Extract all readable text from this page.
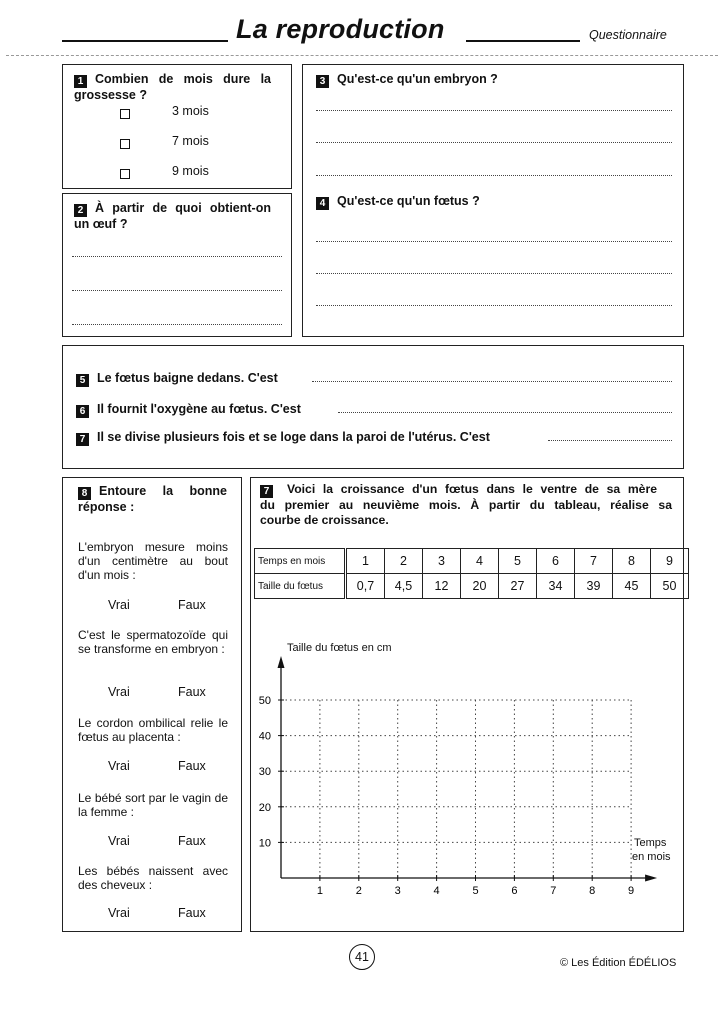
La reproduction	Questionnaire
1 Combien de mois dure la
grossesse ?
3 mois
7 mois
9 mois
2 À partir de quoi obtient-on
un œuf ?
3 Qu'est-ce qu'un embryon ?
4 Qu'est-ce qu'un fœtus ?
5 Le fœtus baigne dedans. C'est
6 Il fournit l'oxygène au fœtus. C'est
7 Il se divise plusieurs fois et se loge dans la paroi de l'utérus. C'est
8 Entoure la bonne
réponse :
L'embryon mesure moins d'un centimètre au bout d'un mois :
Vrai	Faux
C'est le spermatozoïde qui se transforme en embryon :
Vrai	Faux
Le cordon ombilical relie le fœtus au placenta :
Vrai	Faux
Le bébé sort par le vagin de la femme :
Vrai	Faux
Les bébés naissent avec des cheveux :
Vrai	Faux
7 Voici la croissance d'un fœtus dans le ventre de sa mère
du premier au neuvième mois. À partir du tableau, réalise sa
courbe de croissance.
Temps en mois	1	2	3	4	5	6	7	8	9
Taille du fœtus	0,7	4,5	12	20	27	34	39	45	50
Taille du fœtus en cm
Temps
en mois
1	2	3	4	5	6	7	8	9
10
20
30
40
50
41	© Les Édition ÉDÉLIOS
